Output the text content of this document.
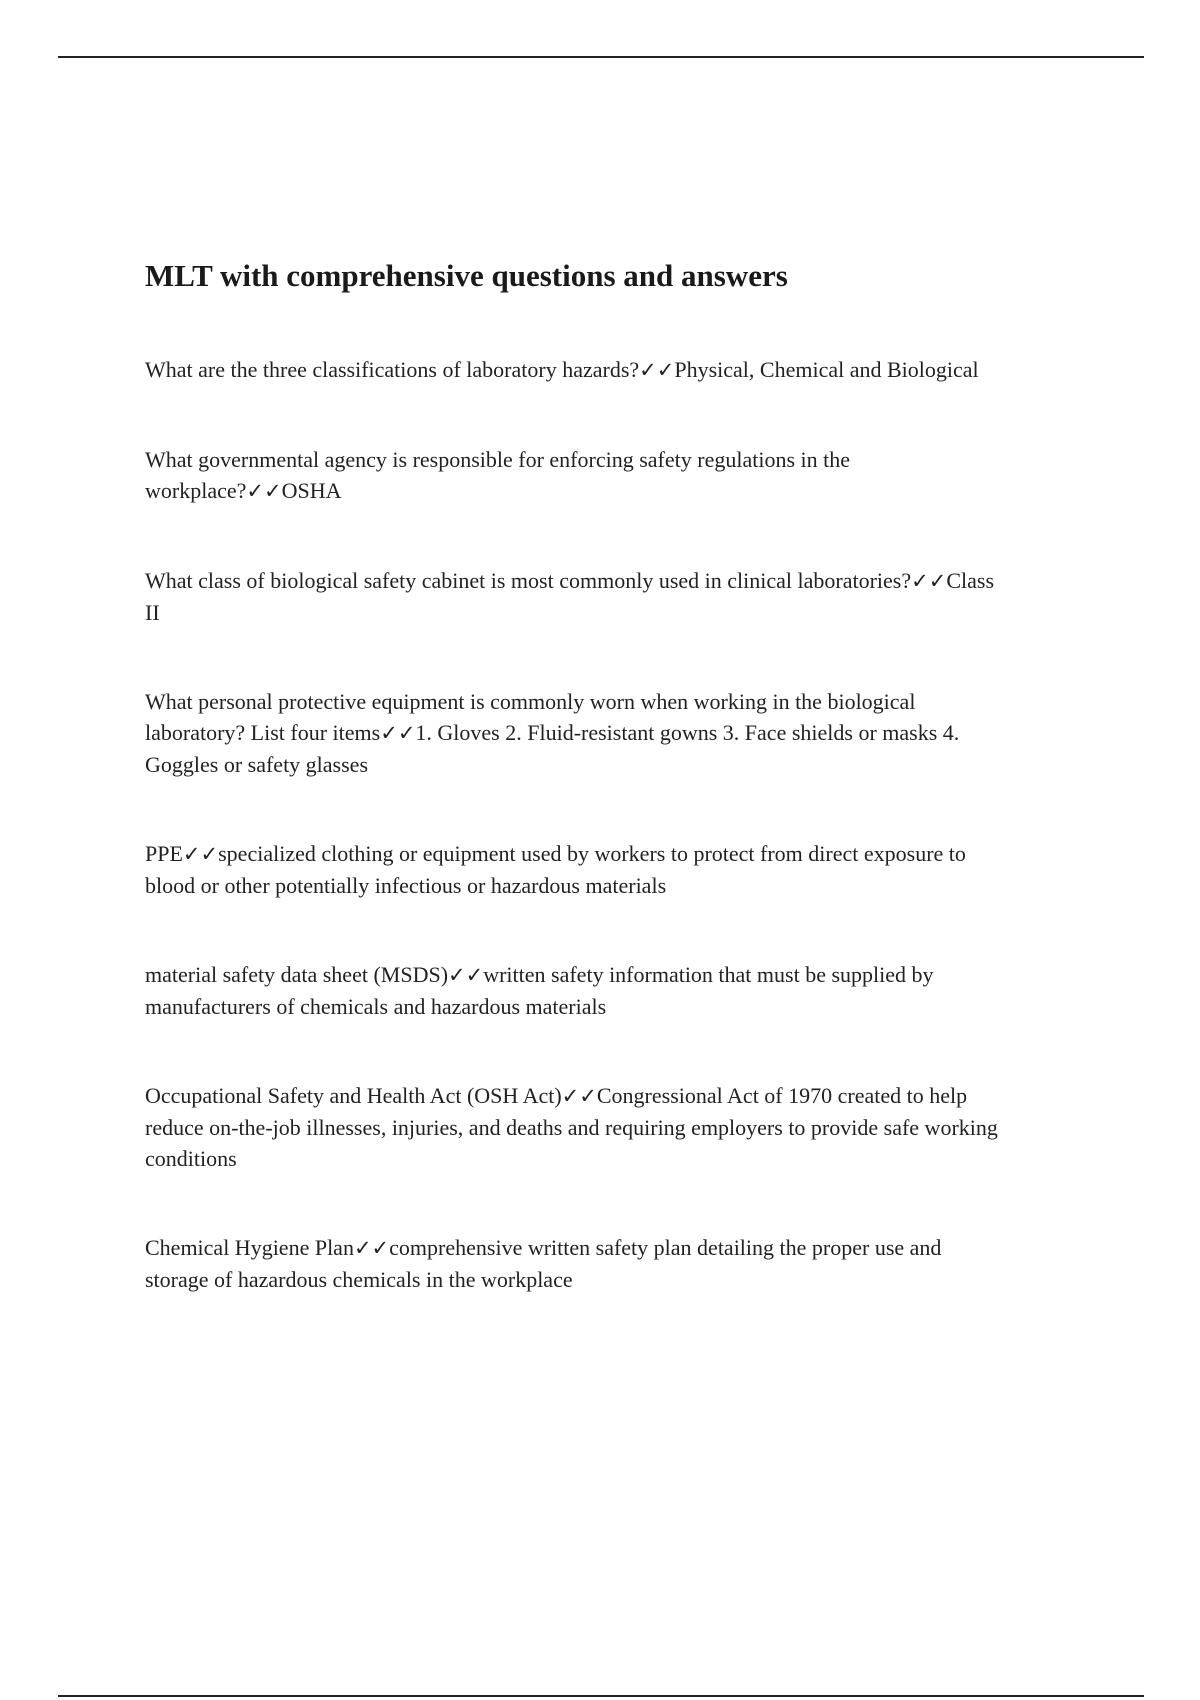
MLT with comprehensive questions and answers

What are the three classifications of laboratory hazards?✓✓Physical, Chemical and Biological

What governmental agency is responsible for enforcing safety regulations in the
workplace?✓✓OSHA

What class of biological safety cabinet is most commonly used in clinical laboratories?✓✓Class
II

What personal protective equipment is commonly worn when working in the biological
laboratory? List four items✓✓1. Gloves 2. Fluid-resistant gowns 3. Face shields or masks 4.
Goggles or safety glasses

PPE✓✓specialized clothing or equipment used by workers to protect from direct exposure to
blood or other potentially infectious or hazardous materials

material safety data sheet (MSDS)✓✓written safety information that must be supplied by
manufacturers of chemicals and hazardous materials

Occupational Safety and Health Act (OSH Act)✓✓Congressional Act of 1970 created to help
reduce on-the-job illnesses, injuries, and deaths and requiring employers to provide safe working
conditions

Chemical Hygiene Plan✓✓comprehensive written safety plan detailing the proper use and
storage of hazardous chemicals in the workplace
